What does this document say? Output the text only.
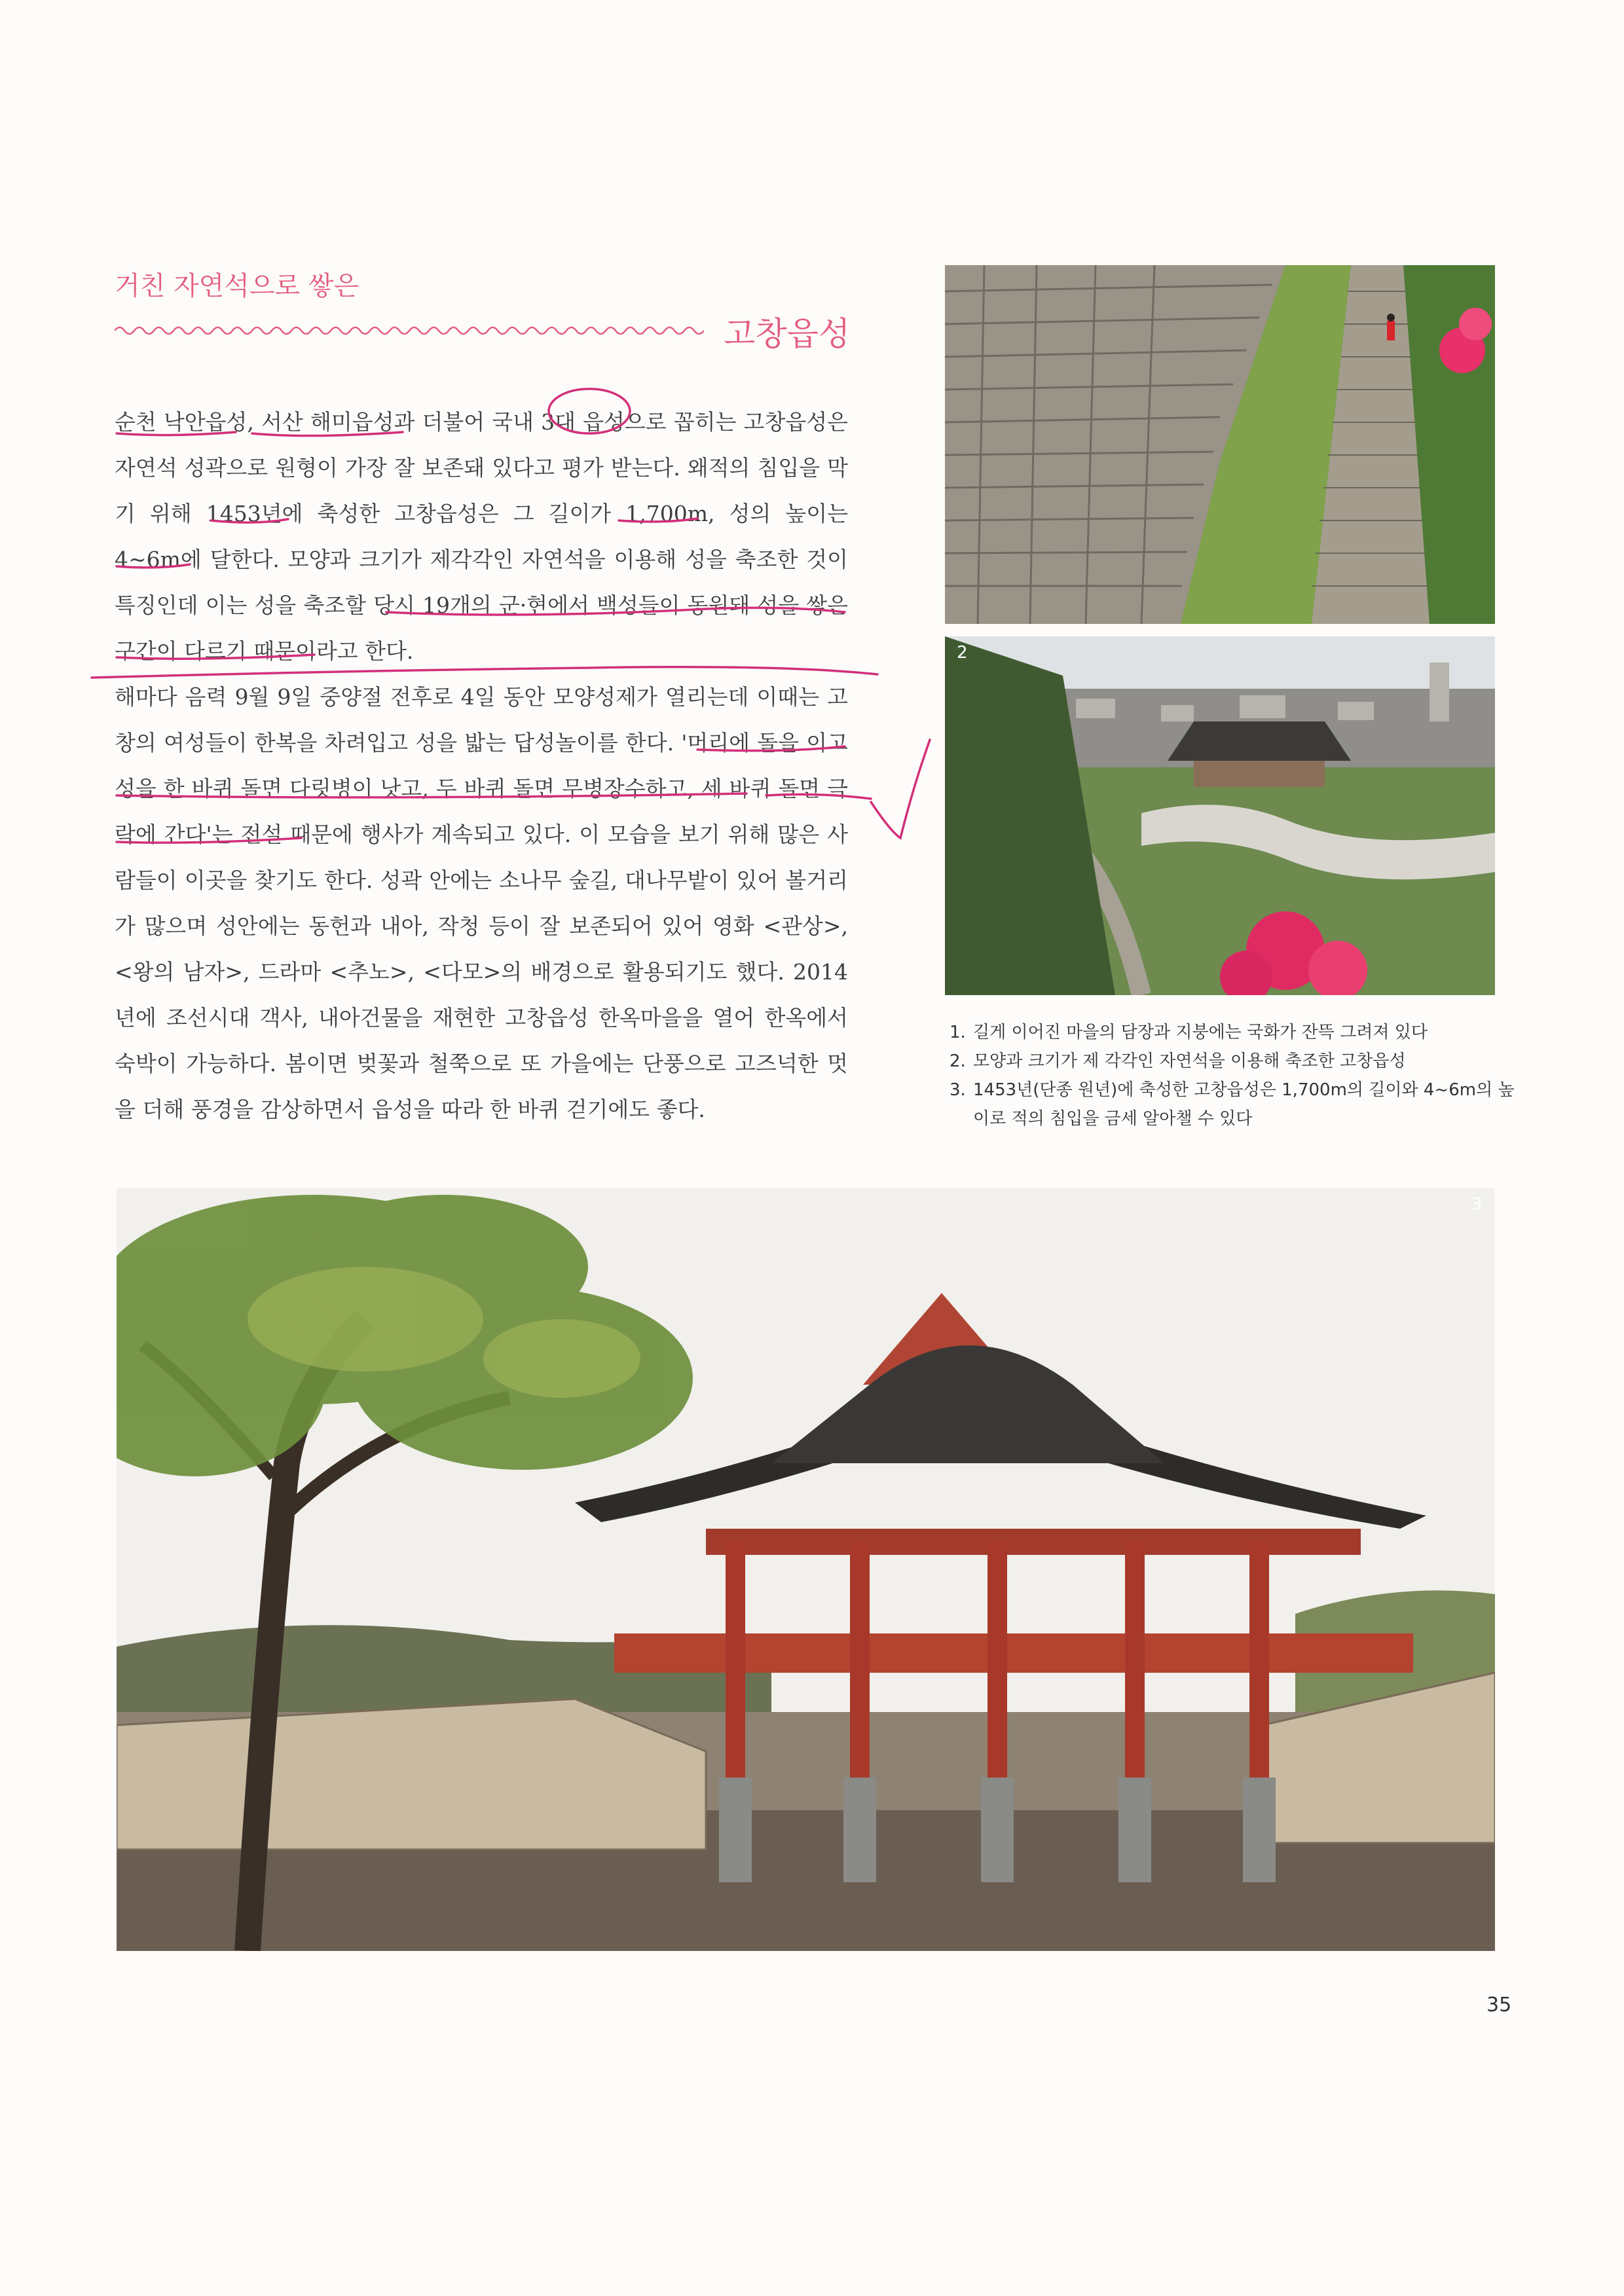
거친 자연석으로 쌓은
고창읍성

순천 낙안읍성, 서산 해미읍성과 더불어 국내 3대 읍성으로 꼽히는 고창읍성은 자연석 성곽으로 원형이 가장 잘 보존돼 있다고 평가 받는다. 왜적의 침입을 막기 위해 1453년에 축성한 고창읍성은 그 길이가 1,700m, 성의 높이는 4~6m에 달한다. 모양과 크기가 제각각인 자연석을 이용해 성을 축조한 것이 특징인데 이는 성을 축조할 당시 19개의 군·현에서 백성들이 동원돼 성을 쌓은 구간이 다르기 때문이라고 한다.

해마다 음력 9월 9일 중양절 전후로 4일 동안 모양성제가 열리는데 이때는 고창의 여성들이 한복을 차려입고 성을 밟는 답성놀이를 한다. '머리에 돌을 이고 성을 한 바퀴 돌면 다릿병이 낫고, 두 바퀴 돌면 무병장수하고, 세 바퀴 돌면 극락에 간다'는 전설 때문에 행사가 계속되고 있다. 이 모습을 보기 위해 많은 사람들이 이곳을 찾기도 한다. 성곽 안에는 소나무 숲길, 대나무밭이 있어 볼거리가 많으며 성안에는 동헌과 내아, 작청 등이 잘 보존되어 있어 영화 <관상>, <왕의 남자>, 드라마 <추노>, <다모>의 배경으로 활용되기도 했다. 2014년에 조선시대 객사, 내아건물을 재현한 고창읍성 한옥마을을 열어 한옥에서 숙박이 가능하다. 봄이면 벚꽃과 철쭉으로 또 가을에는 단풍으로 고즈넉한 멋을 더해 풍경을 감상하면서 읍성을 따라 한 바퀴 걷기에도 좋다.

2
1. 길게 이어진 마을의 담장과 지붕에는 국화가 잔뜩 그려져 있다
2. 모양과 크기가 제 각각인 자연석을 이용해 축조한 고창읍성
3. 1453년(단종 원년)에 축성한 고창읍성은 1,700m의 길이와 4~6m의 높이로 적의 침입을 금세 알아챌 수 있다
3
35
